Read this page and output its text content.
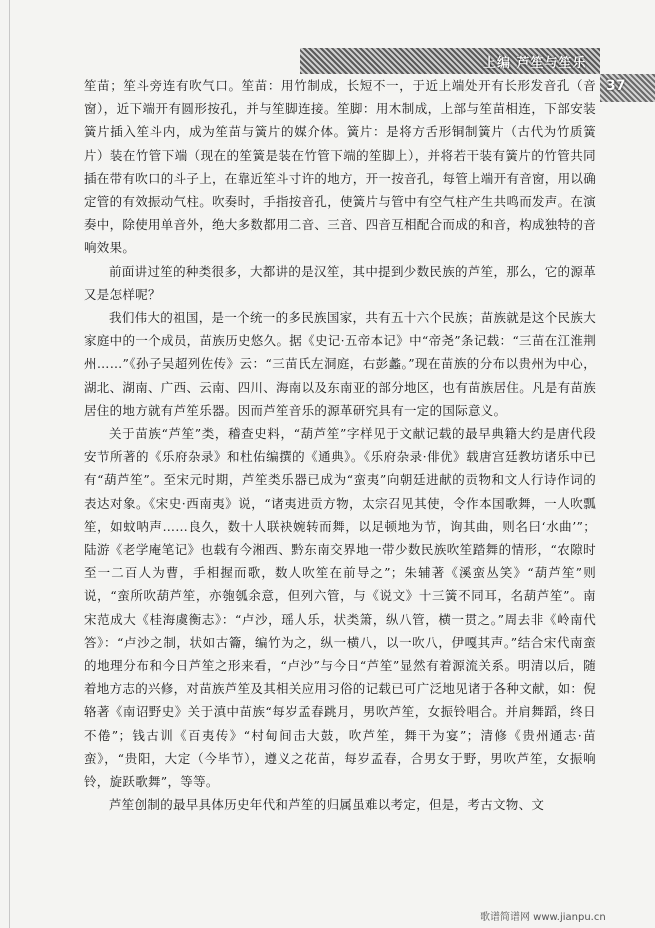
上编 芦笙与笙乐
37

笙苗；笙斗旁连有吹气口。笙苗：用竹制成，长短不一，于近上端处开有长形发音孔（音窗），近下端开有圆形按孔，并与笙脚连接。笙脚：用木制成，上部与笙苗相连，下部安装簧片插入笙斗内，成为笙苗与簧片的媒介体。簧片：是将方舌形铜制簧片（古代为竹质簧片）装在竹管下端（现在的笙簧是装在竹管下端的笙脚上），并将若干装有簧片的竹管共同插在带有吹口的斗子上，在靠近笙斗寸许的地方，开一按音孔，每管上端开有音窗，用以确定管的有效振动气柱。吹奏时，手指按音孔，使簧片与管中有空气柱产生共鸣而发声。在演奏中，除使用单音外，绝大多数都用二音、三音、四音互相配合而成的和音，构成独特的音响效果。

前面讲过笙的种类很多，大都讲的是汉笙，其中提到少数民族的芦笙，那么，它的源革又是怎样呢？

我们伟大的祖国，是一个统一的多民族国家，共有五十六个民族；苗族就是这个民族大家庭中的一个成员，苗族历史悠久。据《史记·五帝本记》中“帝尧”条记载：“三苗在江淮荆州……”《孙子吴超列佐传》云：“三苗氏左洞庭，右彭蠡。”现在苗族的分布以贵州为中心，湖北、湖南、广西、云南、四川、海南以及东南亚的部分地区，也有苗族居住。凡是有苗族居住的地方就有芦笙乐器。因而芦笙音乐的源革研究具有一定的国际意义。

关于苗族“芦笙”类，稽查史料，“葫芦笙”字样见于文献记载的最早典籍大约是唐代段安节所著的《乐府杂录》和杜佑编撰的《通典》。《乐府杂录·俳优》载唐宫廷教坊诸乐中已有“葫芦笙”。至宋元时期，芦笙类乐器已成为“蛮夷”向朝廷进献的贡物和文人行诗作词的表达对象。《宋史·西南夷》说，“诸夷进贡方物，太宗召见其使，令作本国歌舞，一人吹瓢笙，如蚊呐声……良久，数十人联袂婉转而舞，以足顿地为节，询其曲，则名曰‘水曲’”；陆游《老学庵笔记》也载有今湘西、黔东南交界地一带少数民族吹笙踏舞的情形，“农隙时至一二百人为曹，手相握而歌，数人吹笙在前导之”；朱辅著《溪蛮丛笑》“葫芦笙”则说，“蛮所吹葫芦笙，亦匏瓠余意，但列六管，与《说文》十三簧不同耳，名葫芦笙”。南宋范成大《桂海虞衡志》：“卢沙，瑶人乐，状类箫，纵八管，横一贯之。”周去非《岭南代答》：“卢沙之制，状如古籥，编竹为之，纵一横八，以一吹八，伊嘎其声。”结合宋代南蛮的地理分布和今日芦笙之形来看，“卢沙”与今日“芦笙”显然有着源流关系。明清以后，随着地方志的兴修，对苗族芦笙及其相关应用习俗的记载已可广泛地见诸于各种文献，如：倪辂著《南诏野史》关于滇中苗族“每岁孟春跳月，男吹芦笙，女振铃唱合。并肩舞蹈，终日不倦”；钱古训《百夷传》“村甸间击大鼓，吹芦笙，舞干为宴”；清修《贵州通志·苗蛮》，“贵阳，大定（今毕节），遵义之花苗，每岁孟春，合男女于野，男吹芦笙，女振响铃，旋跃歌舞”，等等。

芦笙创制的最早具体历史年代和芦笙的归属虽难以考定，但是，考古文物、文

歌谱简谱网 www.jianpu.cn
